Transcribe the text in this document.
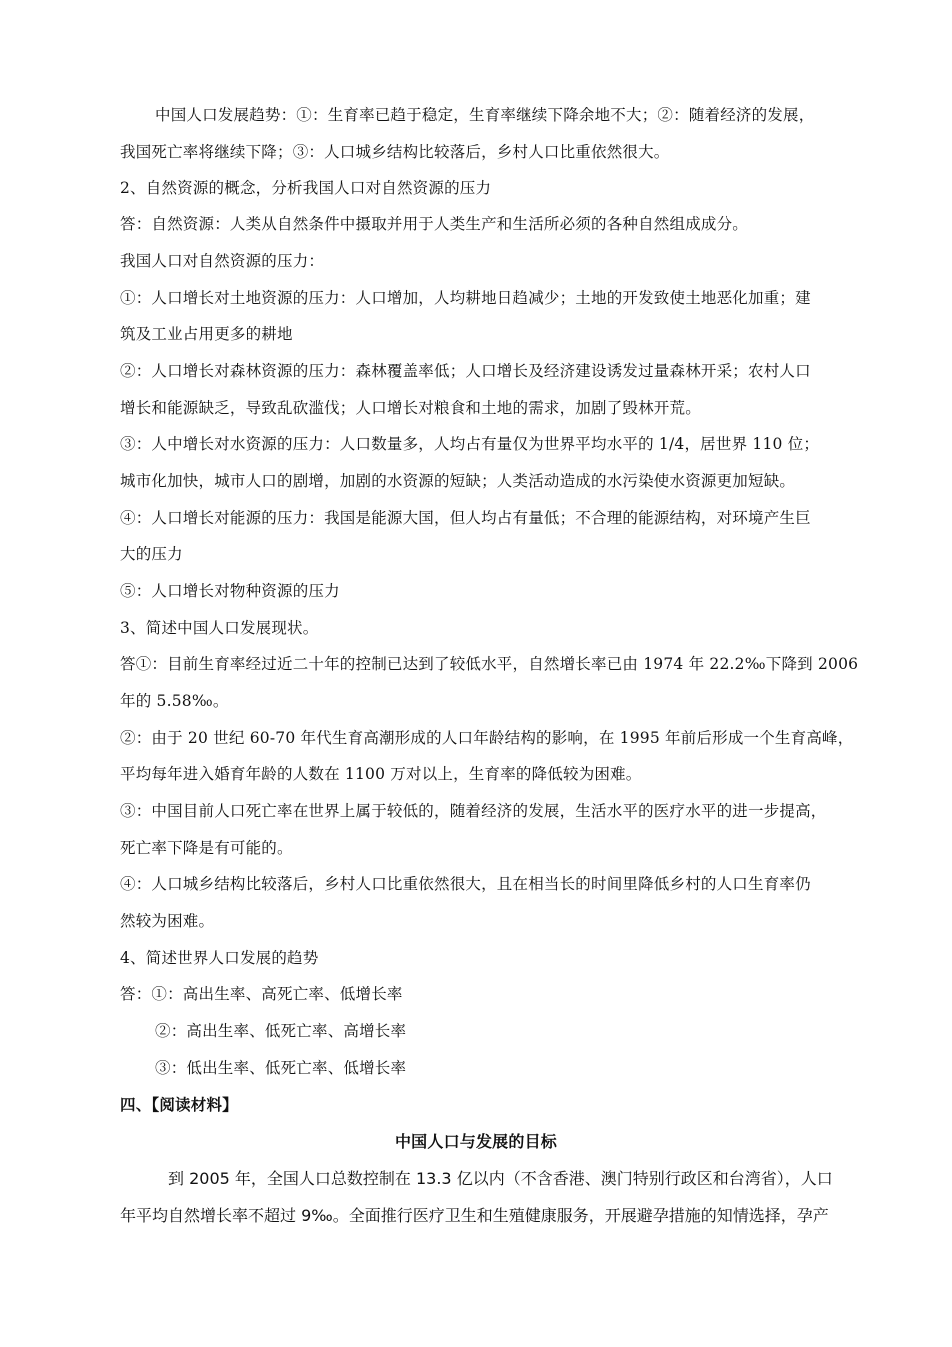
中国人口发展趋势：①：生育率已趋于稳定，生育率继续下降余地不大；②：随着经济的发展，
我国死亡率将继续下降；③：人口城乡结构比较落后，乡村人口比重依然很大。
2、自然资源的概念，分析我国人口对自然资源的压力
答：自然资源：人类从自然条件中摄取并用于人类生产和生活所必须的各种自然组成成分。
我国人口对自然资源的压力：
①：人口增长对土地资源的压力：人口增加，人均耕地日趋减少；土地的开发致使土地恶化加重；建
筑及工业占用更多的耕地
②：人口增长对森林资源的压力：森林覆盖率低；人口增长及经济建设诱发过量森林开采；农村人口
增长和能源缺乏，导致乱砍滥伐；人口增长对粮食和土地的需求，加剧了毁林开荒。
③：人中增长对水资源的压力：人口数量多，人均占有量仅为世界平均水平的 1/4，居世界 110 位；
城市化加快，城市人口的剧增，加剧的水资源的短缺；人类活动造成的水污染使水资源更加短缺。
④：人口增长对能源的压力：我国是能源大国，但人均占有量低；不合理的能源结构，对环境产生巨
大的压力
⑤：人口增长对物种资源的压力
3、简述中国人口发展现状。
答①：目前生育率经过近二十年的控制已达到了较低水平，自然增长率已由 1974 年 22.2‰下降到 2006
年的 5.58‰。
②：由于 20 世纪 60-70 年代生育高潮形成的人口年龄结构的影响，在 1995 年前后形成一个生育高峰，
平均每年进入婚育年龄的人数在 1100 万对以上，生育率的降低较为困难。
③：中国目前人口死亡率在世界上属于较低的，随着经济的发展，生活水平的医疗水平的进一步提高，
死亡率下降是有可能的。
④：人口城乡结构比较落后，乡村人口比重依然很大，且在相当长的时间里降低乡村的人口生育率仍
然较为困难。
4、简述世界人口发展的趋势
答：①：高出生率、高死亡率、低增长率
②：高出生率、低死亡率、高增长率
③：低出生率、低死亡率、低增长率
四、【阅读材料】
中国人口与发展的目标
到 2005 年，全国人口总数控制在 13.3 亿以内（不含香港、澳门特别行政区和台湾省），人口
年平均自然增长率不超过 9‰。全面推行医疗卫生和生殖健康服务，开展避孕措施的知情选择，孕产
